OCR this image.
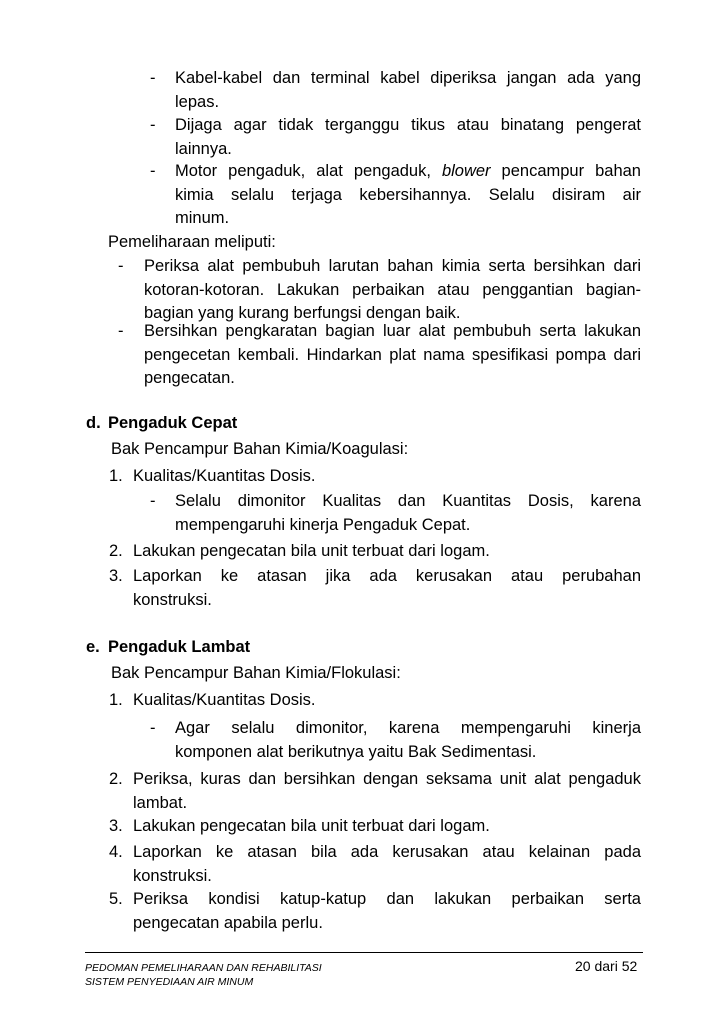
- Kabel-kabel dan terminal kabel diperiksa jangan ada yang
lepas.
- Dijaga agar tidak terganggu tikus atau binatang pengerat
lainnya.
- Motor pengaduk, alat pengaduk, blower pencampur bahan
kimia selalu terjaga kebersihannya. Selalu disiram air
minum.
Pemeliharaan meliputi:
- Periksa alat pembubuh larutan bahan kimia serta bersihkan dari
kotoran-kotoran. Lakukan perbaikan atau penggantian bagian-
bagian yang kurang berfungsi dengan baik.
- Bersihkan pengkaratan bagian luar alat pembubuh serta lakukan
pengecetan kembali. Hindarkan plat nama spesifikasi pompa dari
pengecatan.
d. Pengaduk Cepat
Bak Pencampur Bahan Kimia/Koagulasi:
1. Kualitas/Kuantitas Dosis.
- Selalu dimonitor Kualitas dan Kuantitas Dosis, karena
mempengaruhi kinerja Pengaduk Cepat.
2. Lakukan pengecatan bila unit terbuat dari logam.
3. Laporkan ke atasan jika ada kerusakan atau perubahan
konstruksi.
e. Pengaduk Lambat
Bak Pencampur Bahan Kimia/Flokulasi:
1. Kualitas/Kuantitas Dosis.
- Agar selalu dimonitor, karena mempengaruhi kinerja
komponen alat berikutnya yaitu Bak Sedimentasi.
2. Periksa, kuras dan bersihkan dengan seksama unit alat pengaduk
lambat.
3. Lakukan pengecatan bila unit terbuat dari logam.
4. Laporkan ke atasan bila ada kerusakan atau kelainan pada
konstruksi.
5. Periksa kondisi katup-katup dan lakukan perbaikan serta
pengecatan apabila perlu.
PEDOMAN PEMELIHARAAN DAN REHABILITASI
SISTEM PENYEDIAAN AIR MINUM
20 dari 52
